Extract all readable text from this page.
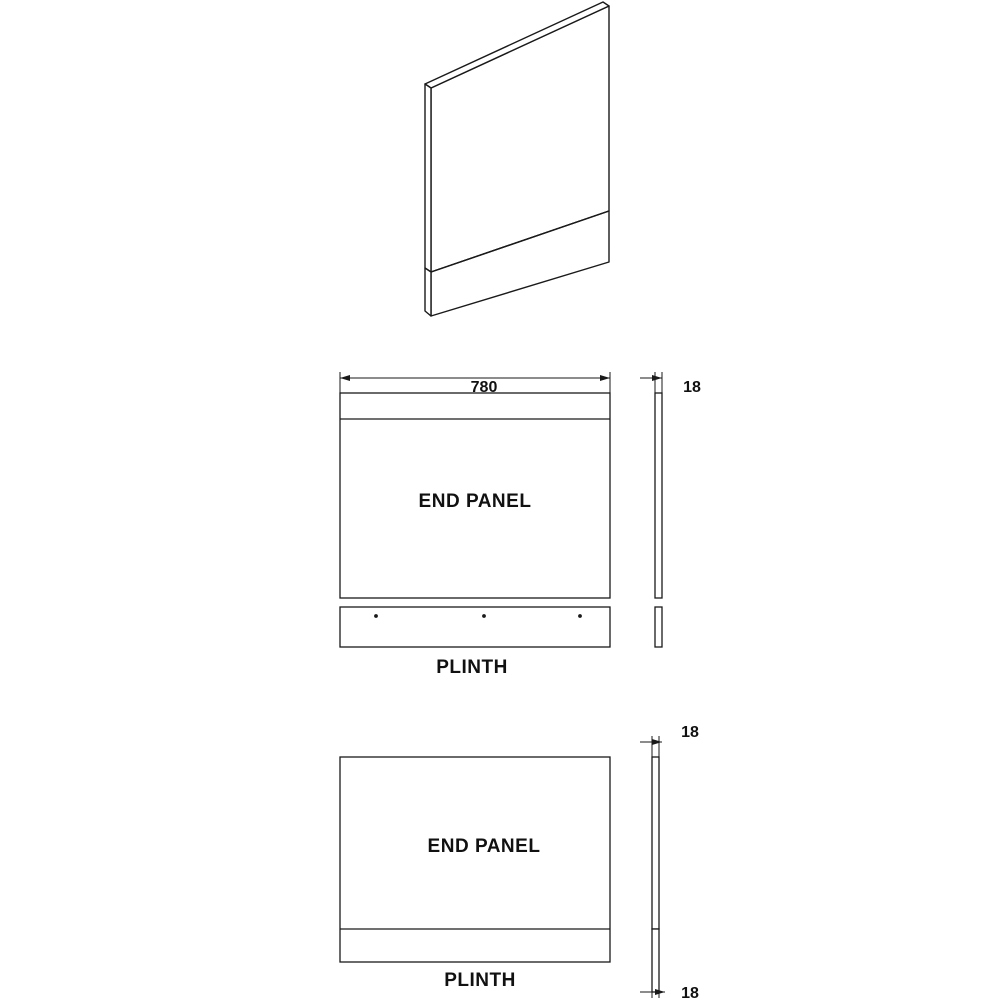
780	18
END PANEL
PLINTH
18
18
END PANEL
PLINTH
